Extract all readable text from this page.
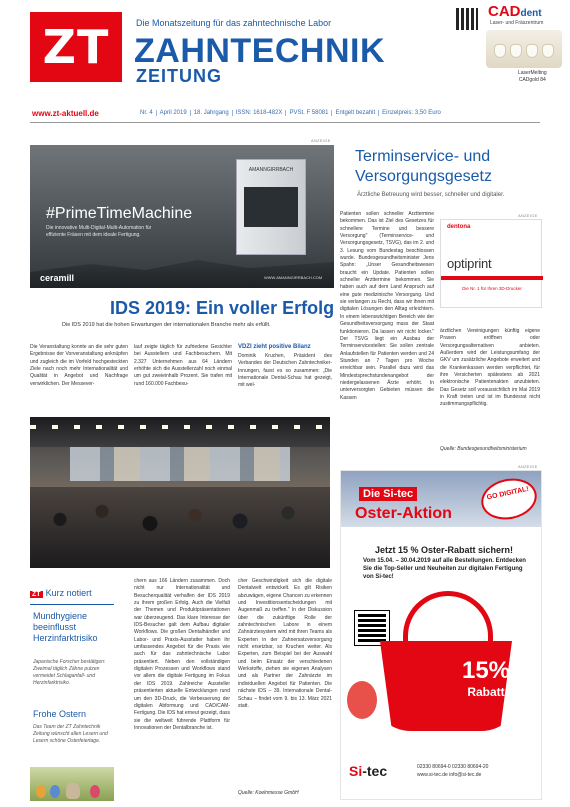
ZT	Die Monatszeitung für das zahntechnische Labor
ZAHNTECHNIK
ZEITUNG
CADdent
Laser- und Fräszentrum
LaserMelting
CADgold 84
www.zt-aktuell.de	Nr. 4 April 2019 18. Jahrgang ISSN: 1618-482X PVSt. F 58081 Entgelt bezahlt Einzelpreis: 3,50 Euro
ANZEIGE
AMANNGIRRBACH
#PrimeTimeMachine
Die innovative Multi-Digital-Multi-Automation für effiziente Fräsen mit dem ideale Fertigung.
ceramill	WWW.AMANNGIRRBACH.COM
Terminservice- und Versorgungsgesetz
Ärztliche Betreuung wird besser, schneller und digitaler.
Patienten sollen schneller Arzttermine bekommen. Das ist Ziel des Gesetzes für schnellere Termine und bessere Versorgung" (Terminservice- und Versorgungsgesetz, TSVG), das im 2. und 3. Lesung vom Bundestag beschlossen wurde. Bundesgesundheitsminister Jens Spahn: „Unser Gesundheitswesen braucht ein Update. Patienten sollen schneller Arzttermine bekommen. Sie haben auch auf dem Land Anspruch auf eine gute medizinische Versorgung. Und sie verlangen zu Recht, dass wir ihnen mit digitalen Lösungen den Alltag erleichtern. In einem lebenswichtigen Bereich wie der Gesundheitsversorgung muss der Staat funktionieren. Da lassen wir nicht locker." Der TSVG liegt ein Ausbau der Terminservicestellen: Sie sollen zentrale Anlaufstellen für Patienten werden und 24 Stunden an 7 Tagen pro Woche erreichbar sein. Parallel dazu wird das Mindestsprechstundenangebot der niedergelassenen Ärzte erhöht. In unterversorgten Gebieten müssen die Kassen
ärztlichen Vereinigungen künftig eigene Praxen eröffnen oder Versorgungsalternativen anbieten. Außerdem wird der Leistungsumfang der GKV um zusätzliche Angebote erweitert und die Krankenkassen werden verpflichtet, für ihre Versicherten spätestens ab 2021 elektronische Patientenakten anzubieten. Das Gesetz soll voraussichtlich im Mai 2019 in Kraft treten und ist im Bundesrat nicht zustimmungspflichtig.
Quelle: Bundesgesundheitsministerium
ANZEIGE
dentona
optiprint
Die Nr. 1 für Ihren 3D-Drucker
IDS 2019: Ein voller Erfolg
Die IDS 2019 hat die hohen Erwartungen der internationalen Branche mehr als erfüllt.
Die Veranstaltung konnte an die sehr guten Ergebnisse der Vorveranstaltung anknüpfen und zugleich die im Vorfeld hochgesteckten Ziele nach noch mehr Internationalität und Qualität in Angebot und Nachfrage verwirklichen. Der Messever-
lauf zeigte täglich für zufriedene Gesichter bei Ausstellern und Fachbesuchern. Mit 2.327 Unternehmen aus 64 Ländern erhöhte sich die Ausstellerzahl noch einmal um gut zweieinhalb Prozent. Sie trafen mit rund 160.000 Fachbesu-
VDZI zieht positive Bilanz
Dominik Kruchen, Präsident des Verbandes der Deutschen Zahntechniker-Innungen, fasst es so zusammen: „Die Internationale Dental-Schau hat gezeigt, mit wel-
chern aus 166 Ländern zusammen. Doch nicht nur Internationalität und Besucherqualität verhalfen der IDS 2019 zu ihrem großen Erfolg. Auch die Vielfalt der Themen und Produktpräsentationen war überzeugend. Das klare Interesse der IDS-Besucher galt dem Aufbau digitaler Workflows. Die großen Dentalhändler und Labor- und Praxis-Ausstatter haben ihr umfassendes Angebot für die Praxis wie auch für das zahntechnische Labor präsentiert. Neben den vollständigen digitalen Prozessen und Workflows stand vor allem die digitale Fertigung im Fokus der IDS 2019. Zahlreiche Aussteller präsentierten aktuelle Entwicklungen rund um den 3D-Druck, die Verbesserung der digitalen Abformung und CAD/CAM-Fertigung. Die IDS hat erneut gezeigt, dass sie die weltweit führende Plattform für Innovationen der Dentalbranche ist.
cher Geschwindigkeit sich die digitale Dentalwelt entwickelt. Es gilt Risiken abzuwägen, eigene Chancen zu erkennen und Investitionsentscheidungen mit Augenmaß zu treffen." In der Diskussion über die zukünftige Rolle der zahntechnischen Labore in einem Zahnärztesystem wird mit ihren Teams als Experten in der Zahnersatzversorgung nicht ersetzbar, so Kruchen weiter. Als Experten, zum Beispiel bei der Auswahl und beim Einsatz der verschiedenen Werkstoffe, ziehen sie eigenen Analysen und als Partner der Zahnärzte im individuellen Angebot für Patienten. Die nächste IDS – 39. Internationale Dental-Schau – findet vom 9. bis 13. März 2021 statt.
Quelle: Koelnmesse GmbH
ZT Kurz notiert
Mundhygiene beeinflusst Herzinfarktrisiko
Japanische Forscher bestätigen: Zweimal täglich Zähne putzen vermeidet Schlaganfall- und Herzinfarktrisiko.
Frohe Ostern
Das Team der ZT Zahntechnik Zeitung wünscht allen Lesern und Lesern schöne Osterfeiertage.
ANZEIGE
Die Si-tec
Oster-Aktion
GO DIGITAL!
Jetzt 15 % Oster-Rabatt sichern!
Vom 15.04. – 30.04.2019 auf alle Bestellungen. Entdecken Sie die Top-Seller und Neuheiten zur digitalen Fertigung von Si-tec!
15%
Rabatt
Si-tec	02330 80694-0 02330 80694-20
www.si-tec.de info@si-tec.de
